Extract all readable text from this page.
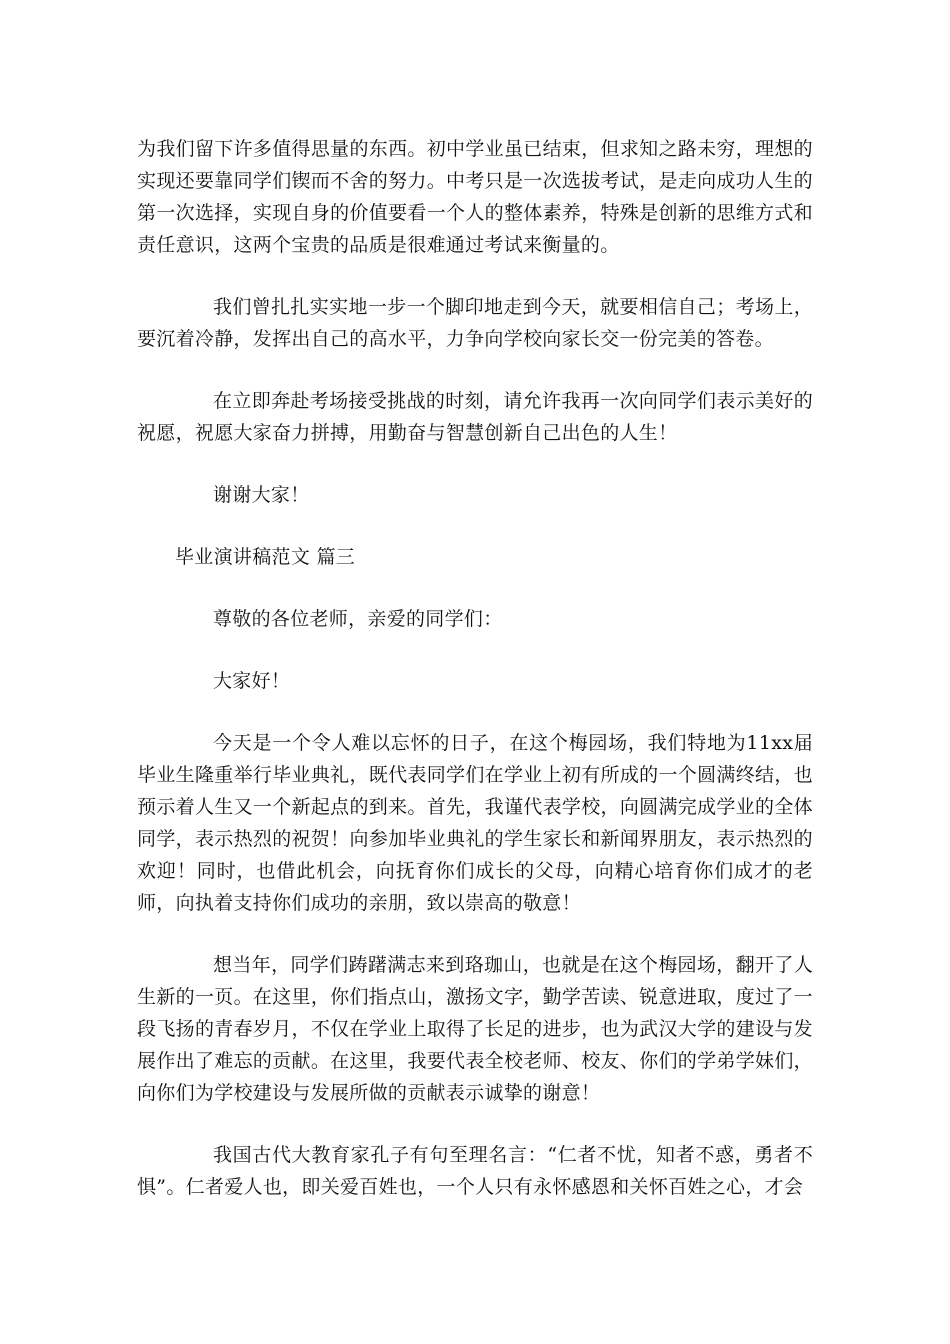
为我们留下许多值得思量的东西。初中学业虽已结束，但求知之路未穷，理想的实现还要靠同学们锲而不舍的努力。中考只是一次选拔考试，是走向成功人生的第一次选择，实现自身的价值要看一个人的整体素养，特殊是创新的思维方式和责任意识，这两个宝贵的品质是很难通过考试来衡量的。

我们曾扎扎实实地一步一个脚印地走到今天，就要相信自己；考场上，要沉着冷静，发挥出自己的高水平，力争向学校向家长交一份完美的答卷。

在立即奔赴考场接受挑战的时刻，请允许我再一次向同学们表示美好的祝愿，祝愿大家奋力拼搏，用勤奋与智慧创新自己出色的人生！

谢谢大家！

毕业演讲稿范文 篇三

尊敬的各位老师，亲爱的同学们：

大家好！

今天是一个令人难以忘怀的日子，在这个梅园场，我们特地为11xx届毕业生隆重举行毕业典礼，既代表同学们在学业上初有所成的一个圆满终结，也预示着人生又一个新起点的到来。首先，我谨代表学校，向圆满完成学业的全体同学，表示热烈的祝贺！向参加毕业典礼的学生家长和新闻界朋友，表示热烈的欢迎！同时，也借此机会，向抚育你们成长的父母，向精心培育你们成才的老师，向执着支持你们成功的亲朋，致以崇高的敬意！

想当年，同学们踌躇满志来到珞珈山，也就是在这个梅园场，翻开了人生新的一页。在这里，你们指点山，激扬文字，勤学苦读、锐意进取，度过了一段飞扬的青春岁月，不仅在学业上取得了长足的进步，也为武汉大学的建设与发展作出了难忘的贡献。在这里，我要代表全校老师、校友、你们的学弟学妹们，向你们为学校建设与发展所做的贡献表示诚挚的谢意！

我国古代大教育家孔子有句至理名言：“仁者不忧，知者不惑，勇者不惧”。仁者爱人也，即关爱百姓也，一个人只有永怀感恩和关怀百姓之心，才会
